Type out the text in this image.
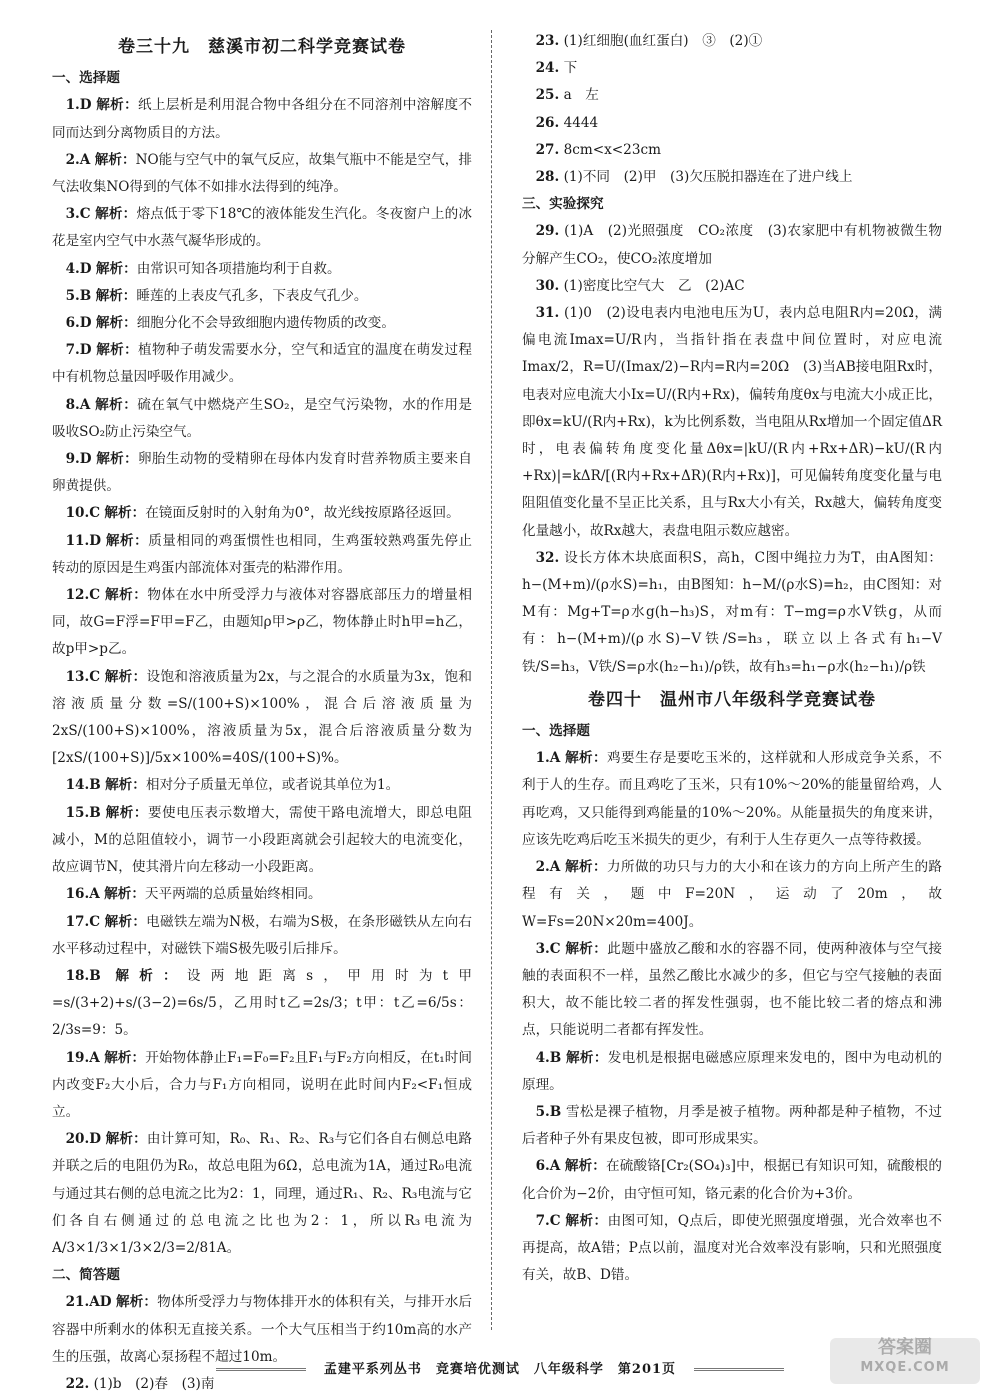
卷三十九　慈溪市初二科学竞赛试卷
一、选择题
1.D 解析：纸上层析是利用混合物中各组分在不同溶剂中溶解度不同而达到分离物质目的方法。
2.A 解析：NO能与空气中的氧气反应，故集气瓶中不能是空气，排气法收集NO得到的气体不如排水法得到的纯净。
3.C 解析：熔点低于零下18℃的液体能发生汽化。冬夜窗户上的冰花是室内空气中水蒸气凝华形成的。
4.D 解析：由常识可知各项措施均利于自救。
5.B 解析：睡莲的上表皮气孔多，下表皮气孔少。
6.D 解析：细胞分化不会导致细胞内遗传物质的改变。
7.D 解析：植物种子萌发需要水分，空气和适宜的温度在萌发过程中有机物总量因呼吸作用减少。
8.A 解析：硫在氧气中燃烧产生SO₂，是空气污染物，水的作用是吸收SO₂防止污染空气。
9.D 解析：卵胎生动物的受精卵在母体内发育时营养物质主要来自卵黄提供。
10.C 解析：在镜面反射时的入射角为0°，故光线按原路径返回。
11.D 解析：质量相同的鸡蛋惯性也相同，生鸡蛋较熟鸡蛋先停止转动的原因是生鸡蛋内部流体对蛋壳的粘滞作用。
12.C 解析：物体在水中所受浮力与液体对容器底部压力的增量相同，故G=F浮=F甲=F乙，由题知ρ甲>ρ乙，物体静止时h甲=h乙，故p甲>p乙。
13.C 解析：设饱和溶液质量为2x，与之混合的水质量为3x，饱和溶液质量分数=S/(100+S)×100%，混合后溶液质量为2xS/(100+S)×100%，溶液质量为5x，混合后溶液质量分数为[2xS/(100+S)]/5x×100%=40S/(100+S)%。
14.B 解析：相对分子质量无单位，或者说其单位为1。
15.B 解析：要使电压表示数增大，需使干路电流增大，即总电阻减小，M的总阻值较小，调节一小段距离就会引起较大的电流变化，故应调节N，使其滑片向左移动一小段距离。
16.A 解析：天平两端的总质量始终相同。
17.C 解析：电磁铁左端为N极，右端为S极，在条形磁铁从左向右水平移动过程中，对磁铁下端S极先吸引后排斥。
18.B 解析：设两地距离s，甲用时为t甲=s/(3+2)+s/(3−2)=6s/5，乙用时t乙=2s/3；t甲：t乙=6/5s：2/3s=9：5。
19.A 解析：开始物体静止F₁=F₀=F₂且F₁与F₂方向相反，在t₁时间内改变F₂大小后，合力与F₁方向相同，说明在此时间内F₂<F₁恒成立。
20.D 解析：由计算可知，R₀、R₁、R₂、R₃与它们各自右侧总电路并联之后的电阻仍为R₀，故总电阻为6Ω，总电流为1A，通过R₀电流与通过其右侧的总电流之比为2：1，同理，通过R₁、R₂、R₃电流与它们各自右侧通过的总电流之比也为2：1，所以R₃电流为A/3×1/3×1/3×2/3=2/81A。
二、简答题
21.AD 解析：物体所受浮力与物体排开水的体积有关，与排开水后容器中所剩水的体积无直接关系。一个大气压相当于约10m高的水产生的压强，故离心泵扬程不超过10m。
22. (1)b　(2)春　(3)南
23. (1)红细胞(血红蛋白)　③　(2)①
24. 下
25. a　左
26. 4444
27. 8cm<x<23cm
28. (1)不同　(2)甲　(3)欠压脱扣器连在了进户线上
三、实验探究
29. (1)A　(2)光照强度　CO₂浓度　(3)农家肥中有机物被微生物分解产生CO₂，使CO₂浓度增加
30. (1)密度比空气大　乙　(2)AC
31. (1)0　(2)设电表内电池电压为U，表内总电阻R内=20Ω，满偏电流Imax=U/R内，当指针指在表盘中间位置时，对应电流Imax/2，R=U/(Imax/2)−R内=R内=20Ω　(3)当AB接电阻Rx时，电表对应电流大小Ix=U/(R内+Rx)，偏转角度θx与电流大小成正比，即θx=kU/(R内+Rx)，k为比例系数，当电阻从Rx增加一个固定值ΔR时，电表偏转角度变化量Δθx=|kU/(R内+Rx+ΔR)−kU/(R内+Rx)|=kΔR/[(R内+Rx+ΔR)(R内+Rx)]，可见偏转角度变化量与电阻阻值变化量不呈正比关系，且与Rx大小有关，Rx越大，偏转角度变化量越小，故Rx越大，表盘电阻示数应越密。
32. 设长方体木块底面积S，高h，C图中绳拉力为T，由A图知：h−(M+m)/(ρ水S)=h₁，由B图知：h−M/(ρ水S)=h₂，由C图知：对M有：Mg+T=ρ水g(h−h₃)S，对m有：T−mg=ρ水V铁g，从而有：h−(M+m)/(ρ水S)−V铁/S=h₃，联立以上各式有h₁−V铁/S=h₃，V铁/S=ρ水(h₂−h₁)/ρ铁，故有h₃=h₁−ρ水(h₂−h₁)/ρ铁
卷四十　温州市八年级科学竞赛试卷
一、选择题
1.A 解析：鸡要生存是要吃玉米的，这样就和人形成竞争关系，不利于人的生存。而且鸡吃了玉米，只有10%～20%的能量留给鸡，人再吃鸡，又只能得到鸡能量的10%～20%。从能量损失的角度来讲，应该先吃鸡后吃玉米损失的更少，有利于人生存更久一点等待救援。
2.A 解析：力所做的功只与力的大小和在该力的方向上所产生的路程有关，题中F=20N，运动了20m，故W=Fs=20N×20m=400J。
3.C 解析：此题中盛放乙酸和水的容器不同，使两种液体与空气接触的表面积不一样，虽然乙酸比水减少的多，但它与空气接触的表面积大，故不能比较二者的挥发性强弱，也不能比较二者的熔点和沸点，只能说明二者都有挥发性。
4.B 解析：发电机是根据电磁感应原理来发电的，图中为电动机的原理。
5.B 雪松是裸子植物，月季是被子植物。两种都是种子植物，不过后者种子外有果皮包被，即可形成果实。
6.A 解析：在硫酸铬[Cr₂(SO₄)₃]中，根据已有知识可知，硫酸根的化合价为−2价，由守恒可知，铬元素的化合价为+3价。
7.C 解析：由图可知，Q点后，即使光照强度增强，光合效率也不再提高，故A错；P点以前，温度对光合效率没有影响，只和光照强度有关，故B、D错。
孟建平系列丛书　竞赛培优测试　八年级科学　第201页
答案圈
MXQE.COM
